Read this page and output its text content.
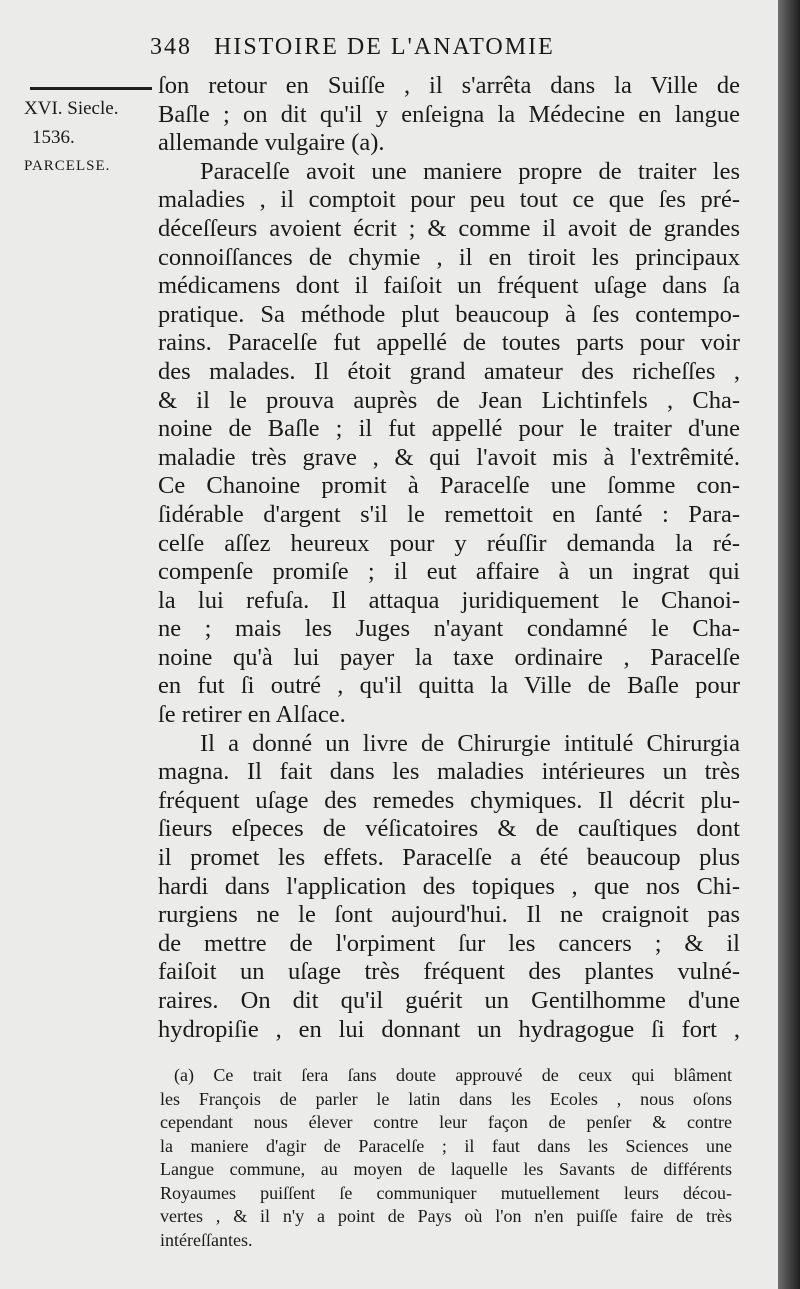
348 HISTOIRE DE L'ANATOMIE
XVI. Siecle.
1536.
PARCELSE.
ſon retour en Suiſſe , il s'arrêta dans la Ville de
Baſle ; on dit qu'il y enſeigna la Médecine en langue
allemande vulgaire (a).
Paracelſe avoit une maniere propre de traiter les
maladies , il comptoit pour peu tout ce que ſes pré-
déceſſeurs avoient écrit ; & comme il avoit de grandes
connoiſſances de chymie , il en tiroit les principaux
médicamens dont il faiſoit un fréquent uſage dans ſa
pratique. Sa méthode plut beaucoup à ſes contempo-
rains. Paracelſe fut appellé de toutes parts pour voir
des malades. Il étoit grand amateur des richeſſes ,
& il le prouva auprès de Jean Lichtinfels , Cha-
noine de Baſle ; il fut appellé pour le traiter d'une
maladie très grave , & qui l'avoit mis à l'extrêmité.
Ce Chanoine promit à Paracelſe une ſomme con-
ſidérable d'argent s'il le remettoit en ſanté : Para-
celſe aſſez heureux pour y réuſſir demanda la ré-
compenſe promiſe ; il eut affaire à un ingrat qui
la lui refuſa. Il attaqua juridiquement le Chanoi-
ne ; mais les Juges n'ayant condamné le Cha-
noine qu'à lui payer la taxe ordinaire , Paracelſe
en fut ſi outré , qu'il quitta la Ville de Baſle pour
ſe retirer en Alſace.
Il a donné un livre de Chirurgie intitulé Chirurgia
magna. Il fait dans les maladies intérieures un très
fréquent uſage des remedes chymiques. Il décrit plu-
ſieurs eſpeces de véſicatoires & de cauſtiques dont
il promet les effets. Paracelſe a été beaucoup plus
hardi dans l'application des topiques , que nos Chi-
rurgiens ne le ſont aujourd'hui. Il ne craignoit pas
de mettre de l'orpiment ſur les cancers ; & il
faiſoit un uſage très fréquent des plantes vulné-
raires. On dit qu'il guérit un Gentilhomme d'une
hydropiſie , en lui donnant un hydragogue ſi fort ,
(a) Ce trait ſera ſans doute approuvé de ceux qui blâment
les François de parler le latin dans les Ecoles , nous oſons
cependant nous élever contre leur façon de penſer & contre
la maniere d'agir de Paracelſe ; il faut dans les Sciences une
Langue commune, au moyen de laquelle les Savants de différents
Royaumes puiſſent ſe communiquer mutuellement leurs décou-
vertes , & il n'y a point de Pays où l'on n'en puiſſe faire de très
intéreſſantes.
